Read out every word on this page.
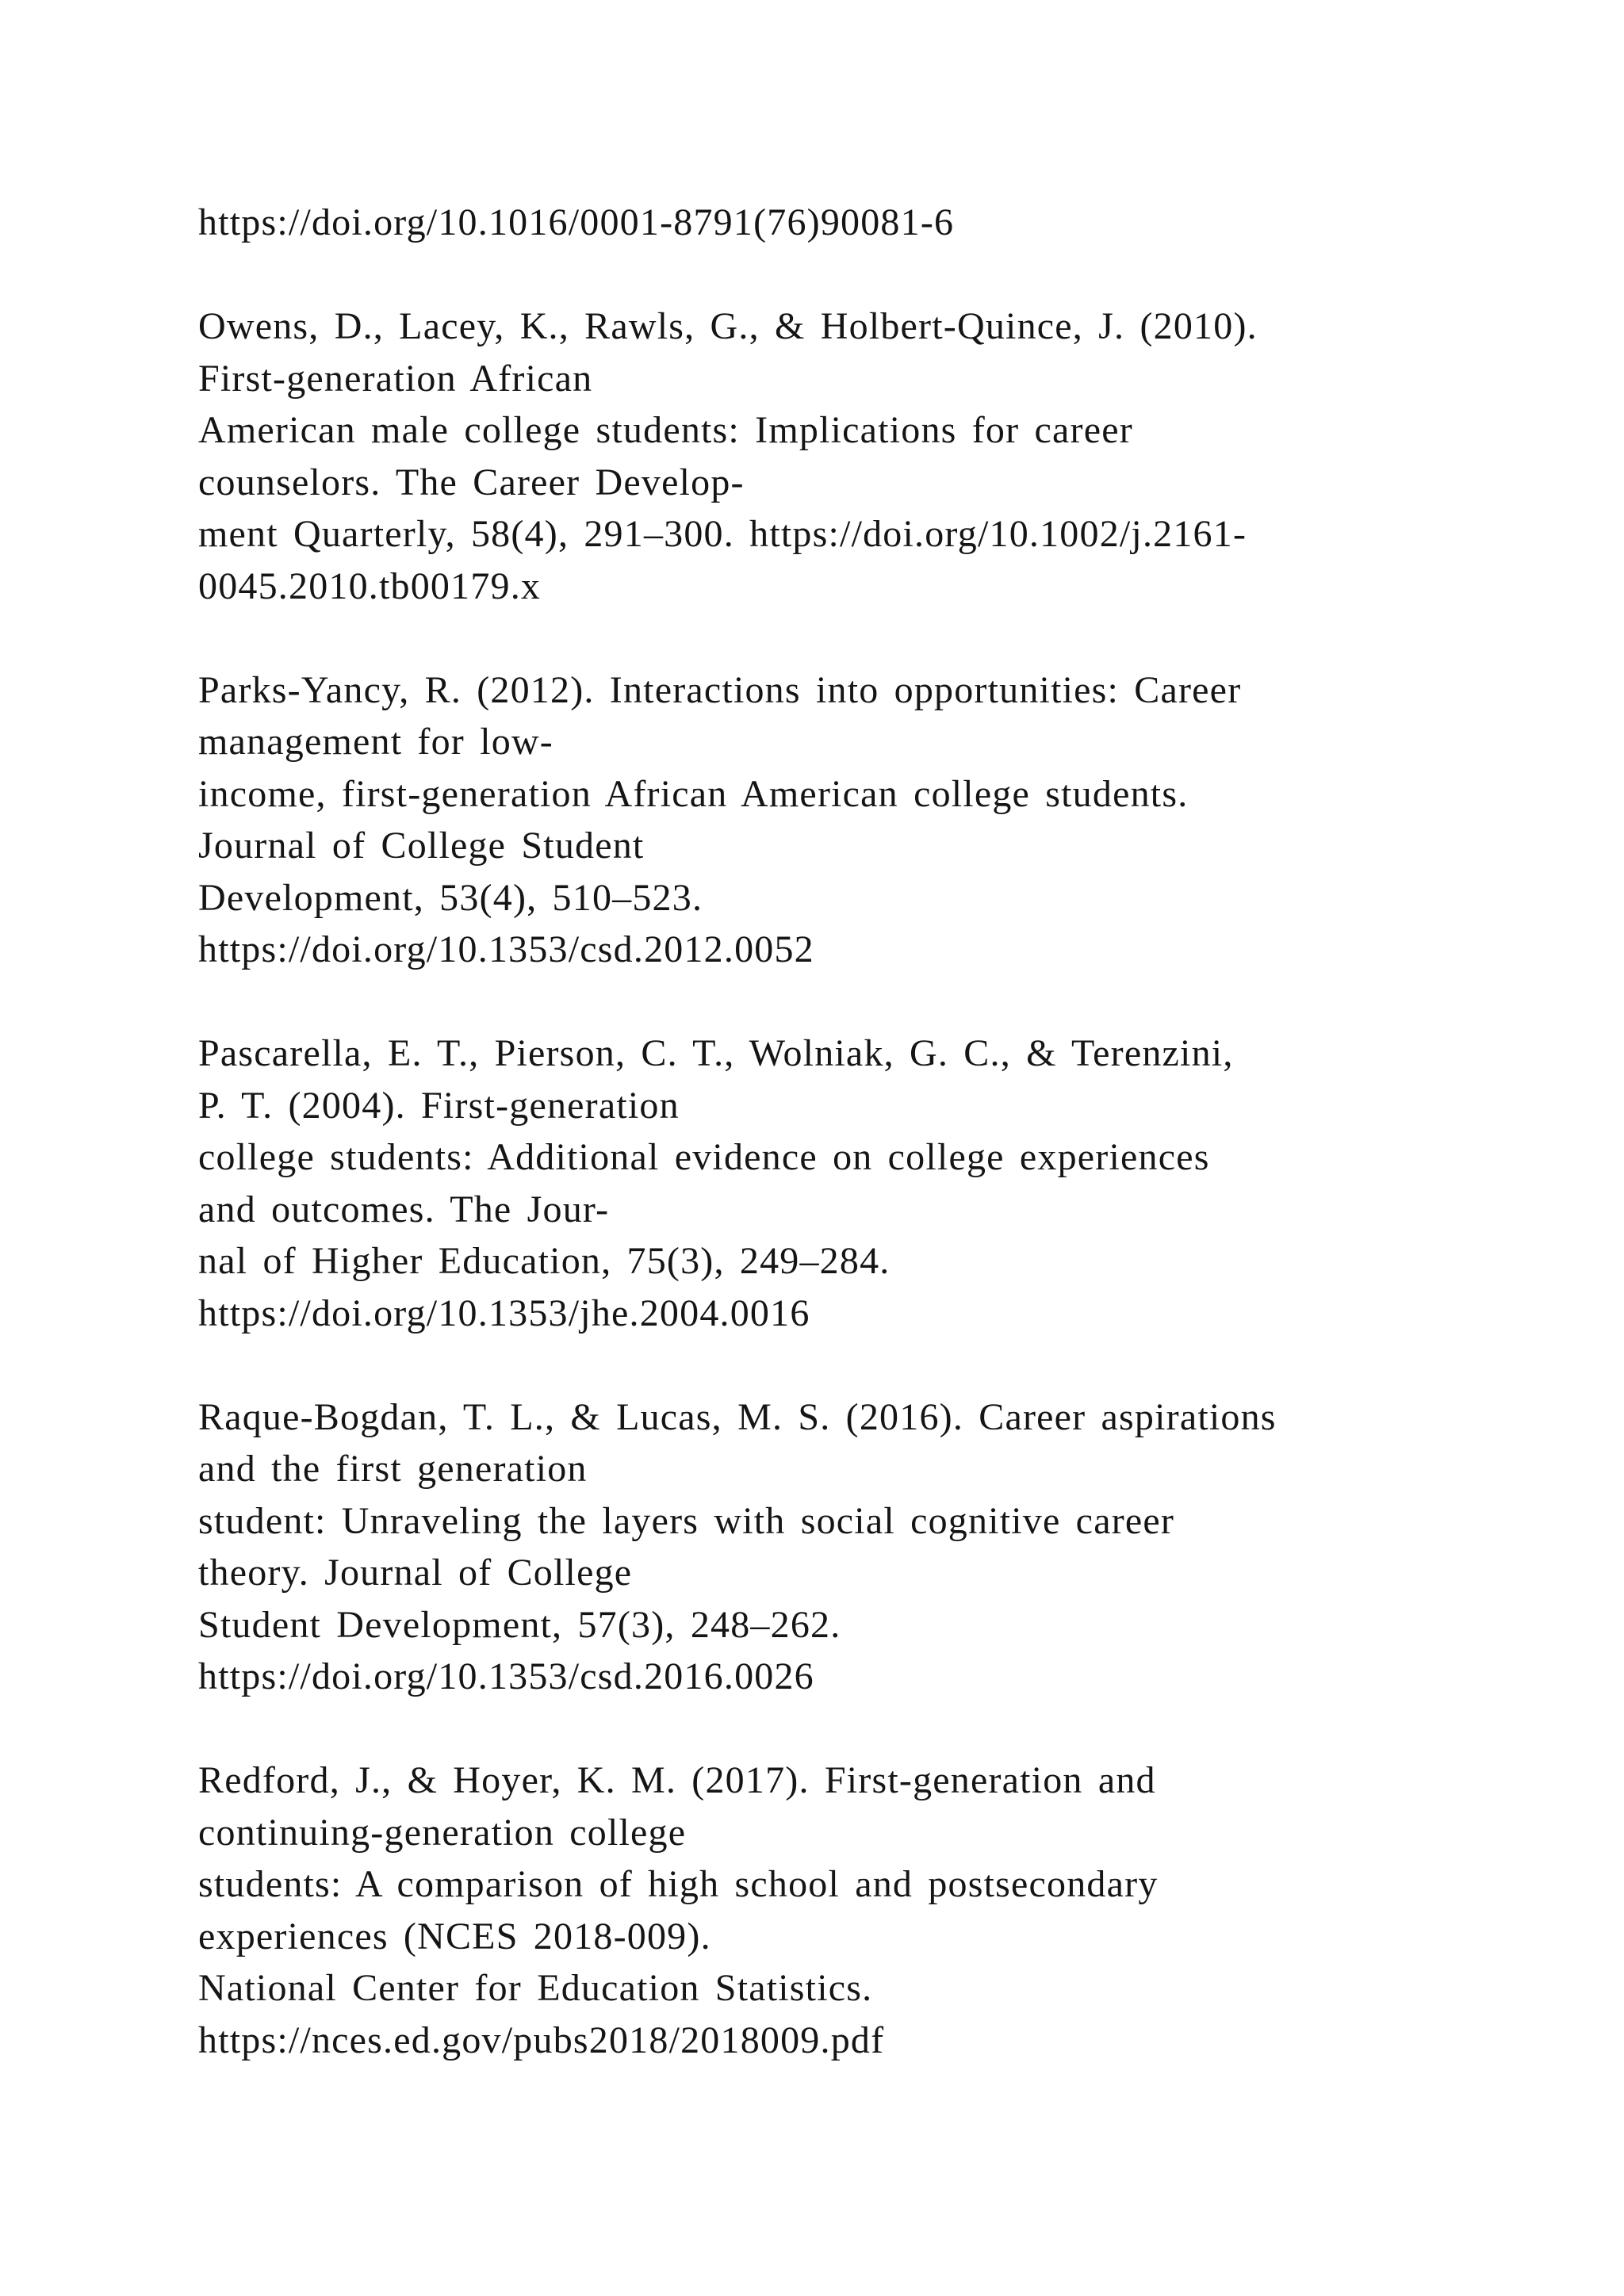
https://doi.org/10.1016/0001-8791(76)90081-6
Owens, D., Lacey, K., Rawls, G., & Holbert-Quince, J. (2010).
First-generation African
American male college students: Implications for career
counselors. The Career Develop-
ment Quarterly, 58(4), 291–300. https://doi.org/10.1002/j.2161-
0045.2010.tb00179.x
Parks-Yancy, R. (2012). Interactions into opportunities: Career
management for low-
income, first-generation African American college students.
Journal of College Student
Development, 53(4), 510–523.
https://doi.org/10.1353/csd.2012.0052
Pascarella, E. T., Pierson, C. T., Wolniak, G. C., & Terenzini,
P. T. (2004). First-generation
college students: Additional evidence on college experiences
and outcomes. The Jour-
nal of Higher Education, 75(3), 249–284.
https://doi.org/10.1353/jhe.2004.0016
Raque-Bogdan, T. L., & Lucas, M. S. (2016). Career aspirations
and the first generation
student: Unraveling the layers with social cognitive career
theory. Journal of College
Student Development, 57(3), 248–262.
https://doi.org/10.1353/csd.2016.0026
Redford, J., & Hoyer, K. M. (2017). First-generation and
continuing-generation college
students: A comparison of high school and postsecondary
experiences (NCES 2018-009).
National Center for Education Statistics.
https://nces.ed.gov/pubs2018/2018009.pdf
